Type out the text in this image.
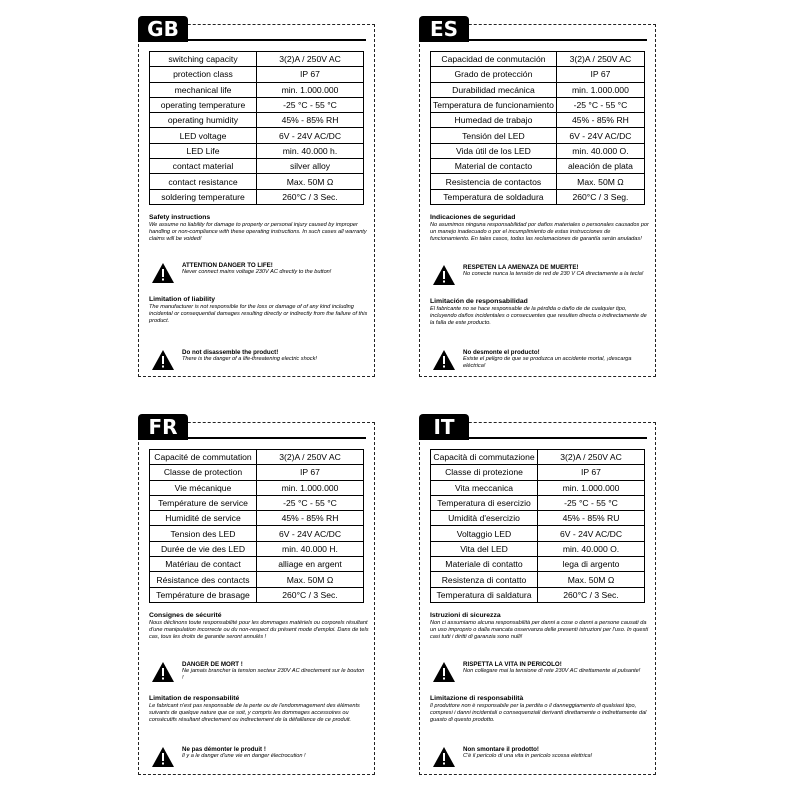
GB
switching capacity	3(2)A / 250V AC
protection class	IP 67
mechanical life	min. 1.000.000
operating temperature	-25 °C - 55 °C
operating humidity	45% - 85% RH
LED voltage	6V - 24V AC/DC
LED Life	min. 40.000 h.
contact material	silver alloy
contact resistance	Max. 50M Ω
soldering temperature	260°C / 3 Sec.
Safety instructions
We assume no liability for damage to property or personal injury caused by improper handling or non-compliance with these operating instructions. In such cases all warranty claims will be voided!
ATTENTION DANGER TO LIFE!
Never connect mains voltage 230V AC directly to the button!
Limitation of liability
The manufacturer is not responsible for the loss or damage of of any kind including incidental or consequential damages resulting directly or indirectly from the failure of this product.
Do not disassemble the product!
There is the danger of a life-threatening electric shock!
ES
Capacidad de conmutación	3(2)A / 250V AC
Grado de protección	IP 67
Durabilidad mecánica	min. 1.000.000
Temperatura de funcionamiento	-25 °C - 55 °C
Humedad de trabajo	45% - 85% RH
Tensión del LED	6V - 24V AC/DC
Vida útil de los LED	min. 40.000 O.
Material de contacto	aleación de plata
Resistencia de contactos	Max. 50M Ω
Temperatura de soldadura	260°C / 3 Seg.
Indicaciones de seguridad
No asumimos ninguna responsabilidad por daños materiales o personales causados por un manejo inadecuado o por el incumplimiento de estas instrucciones de funcionamiento. En tales casos, todas las reclamaciones de garantía serán anuladas!
RESPETEN LA AMENAZA DE MUERTE!
No conecte nunca la tensión de red de 230 V CA directamente a la tecla!
Limitación de responsabilidad
El fabricante no se hace responsable de la pérdida o daño de de cualquier tipo, incluyendo daños incidentales o consecuentes que resulten directa o indirectamente de la falla de este producto.
No desmonte el producto!
Existe el peligro de que se produzca un accidente mortal, ¡descarga eléctrica!
FR
Capacité de commutation	3(2)A / 250V AC
Classe de protection	IP 67
Vie mécanique	min. 1.000.000
Température de service	-25 °C - 55 °C
Humidité de service	45% - 85% RH
Tension des LED	6V - 24V AC/DC
Durée de vie des LED	min. 40.000 H.
Matériau de contact	alliage en argent
Résistance des contacts	Max. 50M Ω
Température de brasage	260°C / 3 Sec.
Consignes de sécurité
Nous déclinons toute responsabilité pour les dommages matériels ou corporels résultant d'une manipulation incorrecte ou du non-respect du présent mode d'emploi. Dans de tels cas, tous les droits de garantie seront annulés !
DANGER DE MORT !
Ne jamais brancher la tension secteur 230V AC directement sur le bouton !
Limitation de responsabilité
Le fabricant n'est pas responsable de la perte ou de l'endommagement des éléments suivants de quelque nature que ce soit, y compris les dommages accessoires ou consécutifs résultant directement ou indirectement de la défaillance de ce produit.
Ne pas démonter le produit !
Il y a le danger d'une vie en danger électrocution !
IT
Capacità di commutazione	3(2)A / 250V AC
Classe di protezione	IP 67
Vita meccanica	min. 1.000.000
Temperatura di esercizio	-25 °C - 55 °C
Umidità d'esercizio	45% - 85% RU
Voltaggio LED	6V - 24V AC/DC
Vita del LED	min. 40.000 O.
Materiale di contatto	lega di argento
Resistenza di contatto	Max. 50M Ω
Temperatura di saldatura	260°C / 3 Sec.
Istruzioni di sicurezza
Non ci assumiamo alcuna responsabilità per danni a cose o danni a persone causati da un uso improprio o dalla mancata osservanza delle presenti istruzioni per l'uso. In questi casi tutti i diritti di garanzia sono nulli!
RISPETTA LA VITA IN PERICOLO!
Non collegare mai la tensione di rete 230V AC direttamente al pulsante!
Limitazione di responsabilità
Il produttore non è responsabile per la perdita o il danneggiamento di qualsiasi tipo, compresi i danni incidentali o consequenziali derivanti direttamente o indirettamente dal guasto di questo prodotto.
Non smontare il prodotto!
C'è il pericolo di una vita in pericolo scossa elettrica!
